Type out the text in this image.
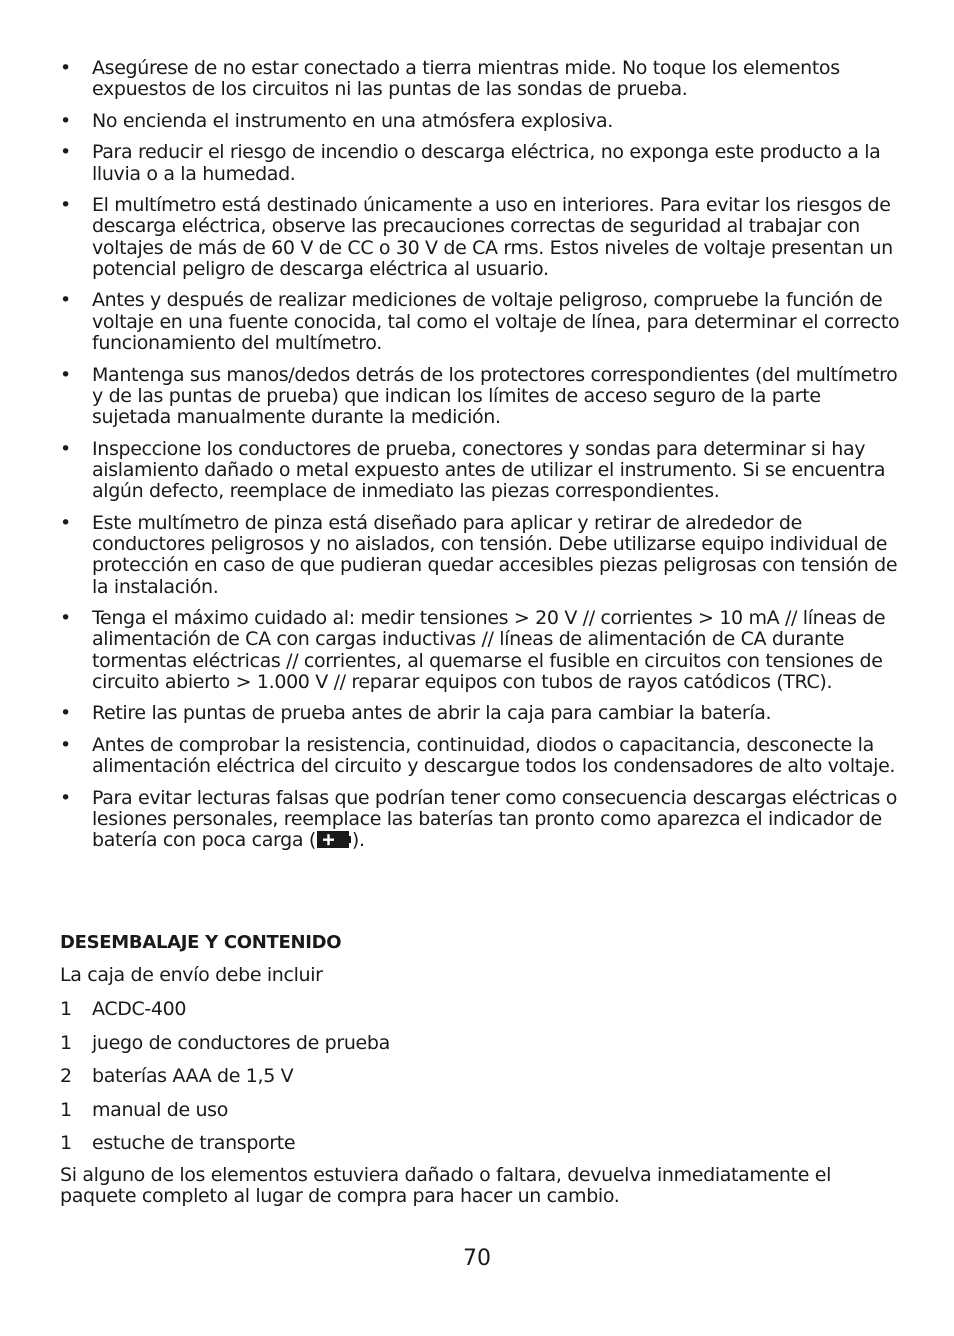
•	Asegúrese de no estar conectado a tierra mientras mide. No toque los elementos expuestos de los circuitos ni las puntas de las sondas de prueba.
•	No encienda el instrumento en una atmósfera explosiva.
•	Para reducir el riesgo de incendio o descarga eléctrica, no exponga este producto a la lluvia o a la humedad.
•	El multímetro está destinado únicamente a uso en interiores. Para evitar los riesgos de descarga eléctrica, observe las precauciones correctas de seguridad al trabajar con voltajes de más de 60 V de CC o 30 V de CA rms. Estos niveles de voltaje presentan un potencial peligro de descarga eléctrica al usuario.
•	Antes y después de realizar mediciones de voltaje peligroso, compruebe la función de voltaje en una fuente conocida, tal como el voltaje de línea, para determinar el correcto funcionamiento del multímetro.
•	Mantenga sus manos/dedos detrás de los protectores correspondientes (del multímetro y de las puntas de prueba) que indican los límites de acceso seguro de la parte sujetada manualmente durante la medición.
•	Inspeccione los conductores de prueba, conectores y sondas para determinar si hay aislamiento dañado o metal expuesto antes de utilizar el instrumento. Si se encuentra algún defecto, reemplace de inmediato las piezas correspondientes.
•	Este multímetro de pinza está diseñado para aplicar y retirar de alrededor de conductores peligrosos y no aislados, con tensión. Debe utilizarse equipo individual de protección en caso de que pudieran quedar accesibles piezas peligrosas con tensión de la instalación.
•	Tenga el máximo cuidado al: medir tensiones > 20 V // corrientes > 10 mA // líneas de alimentación de CA con cargas inductivas // líneas de alimentación de CA durante tormentas eléctricas // corrientes, al quemarse el fusible en circuitos con tensiones de circuito abierto > 1.000 V // reparar equipos con tubos de rayos catódicos (TRC).
•	Retire las puntas de prueba antes de abrir la caja para cambiar la batería.
•	Antes de comprobar la resistencia, continuidad, diodos o capacitancia, desconecte la alimentación eléctrica del circuito y descargue todos los condensadores de alto voltaje.
•	Para evitar lecturas falsas que podrían tener como consecuencia descargas eléctricas o lesiones personales, reemplace las baterías tan pronto como aparezca el indicador de batería con poca carga ( ).
DESEMBALAJE Y CONTENIDO
La caja de envío debe incluir
1 ACDC-400
1 juego de conductores de prueba
2 baterías AAA de 1,5 V
1 manual de uso
1 estuche de transporte
Si alguno de los elementos estuviera dañado o faltara, devuelva inmediatamente el paquete completo al lugar de compra para hacer un cambio.
70
